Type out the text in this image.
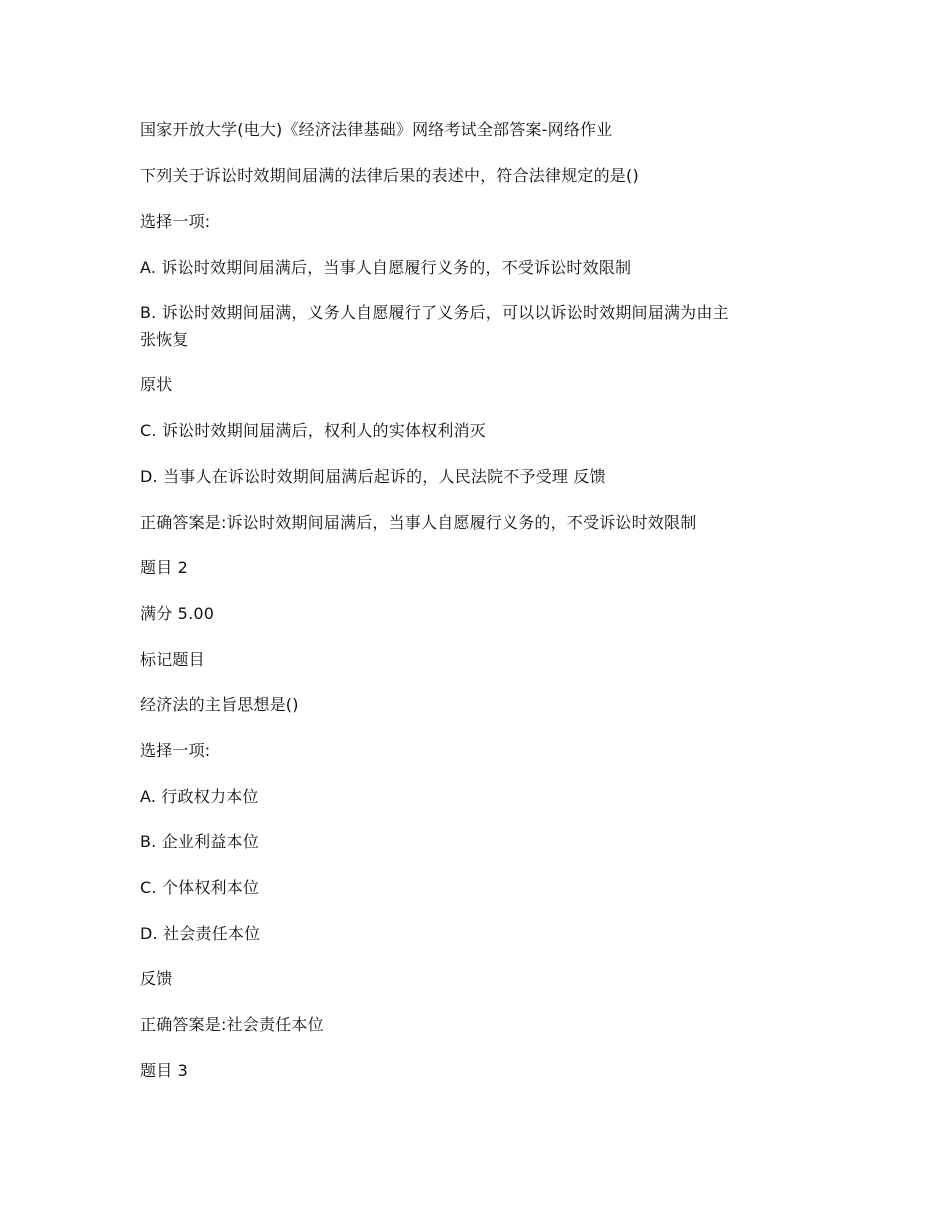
国家开放大学(电大)《经济法律基础》网络考试全部答案-网络作业
下列关于诉讼时效期间届满的法律后果的表述中，符合法律规定的是()
选择一项:
A. 诉讼时效期间届满后，当事人自愿履行义务的，不受诉讼时效限制
B. 诉讼时效期间届满，义务人自愿履行了义务后，可以以诉讼时效期间届满为由主
张恢复
原状
C. 诉讼时效期间届满后，权利人的实体权利消灭
D. 当事人在诉讼时效期间届满后起诉的，人民法院不予受理 反馈
正确答案是:诉讼时效期间届满后，当事人自愿履行义务的，不受诉讼时效限制
题目 2
满分 5.00
标记题目
经济法的主旨思想是()
选择一项:
A. 行政权力本位
B. 企业利益本位
C. 个体权利本位
D. 社会责任本位
反馈
正确答案是:社会责任本位
题目 3
